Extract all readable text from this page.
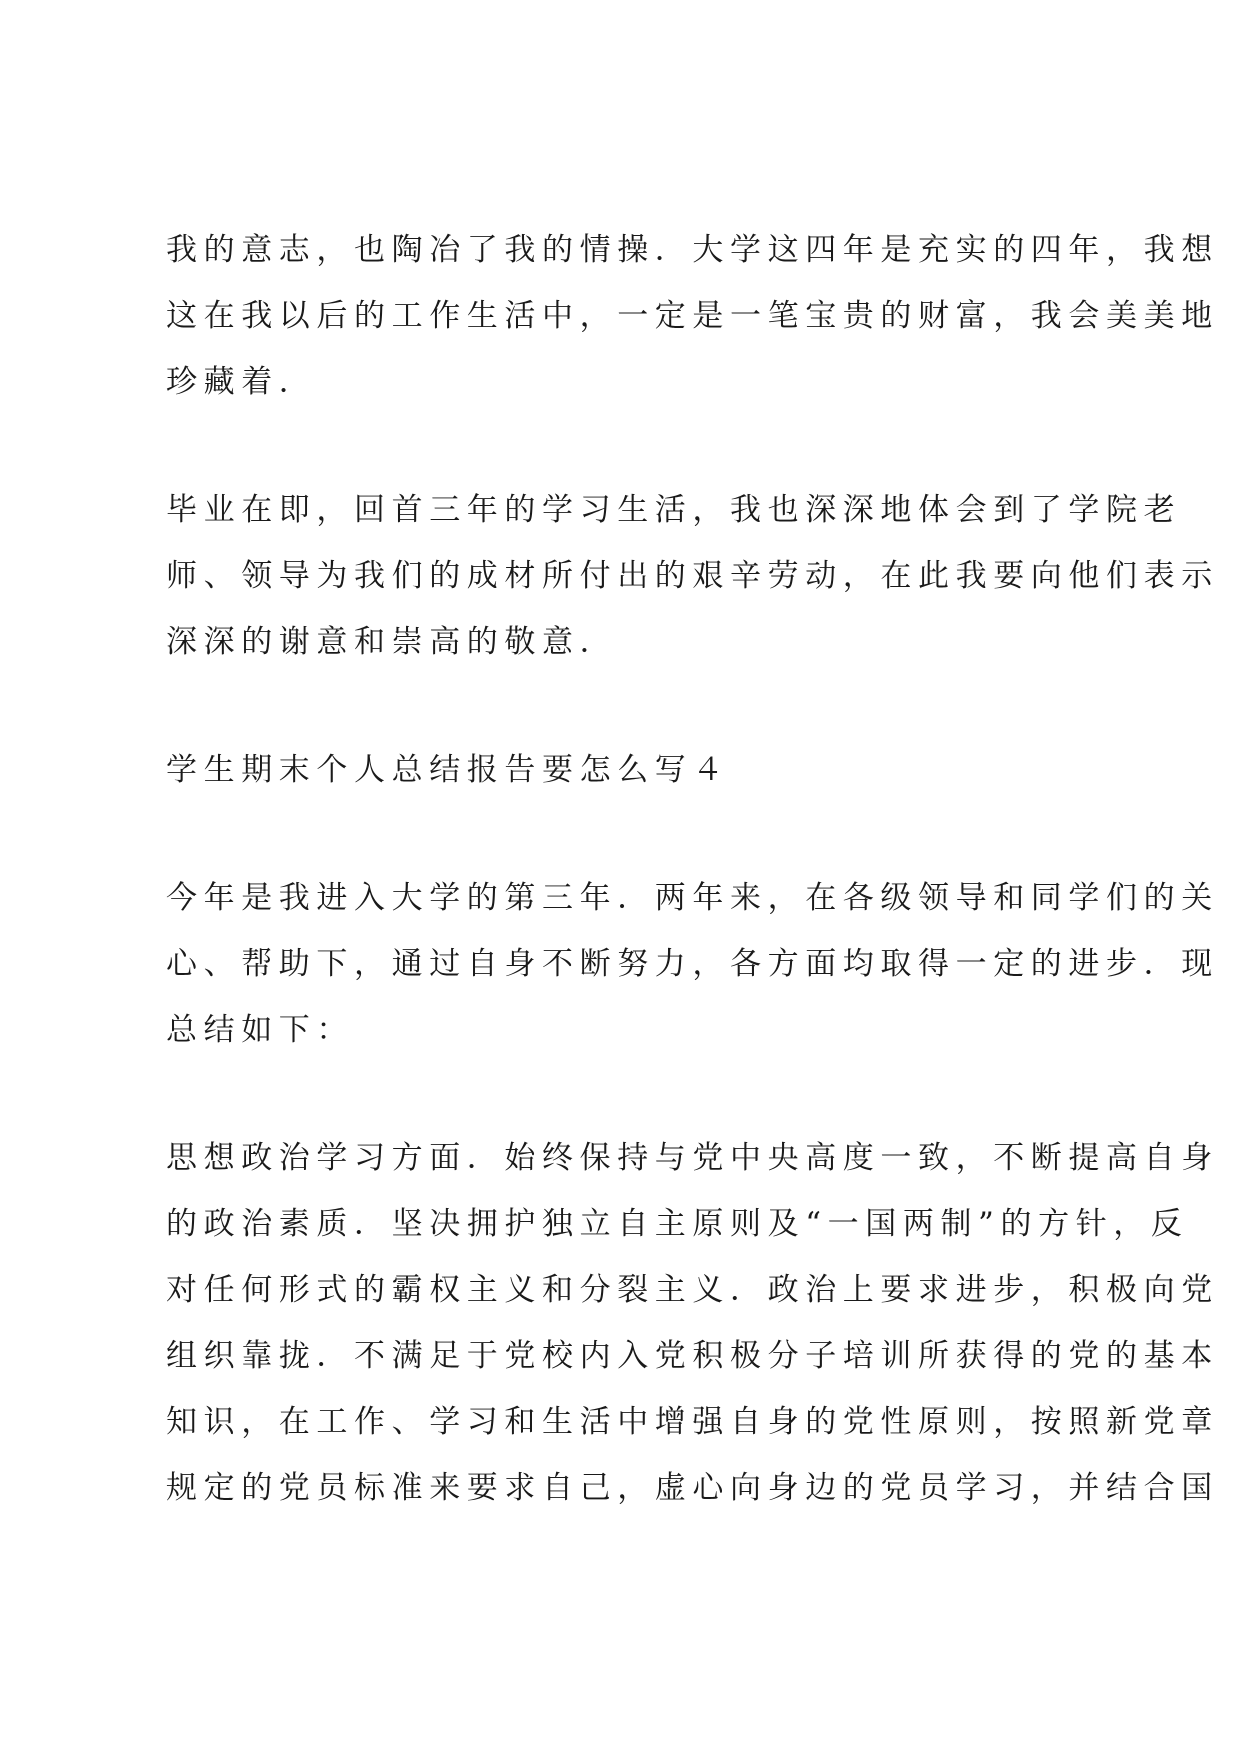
我的意志，也陶冶了我的情操．大学这四年是充实的四年，我想
这在我以后的工作生活中，一定是一笔宝贵的财富，我会美美地
珍藏着．
毕业在即，回首三年的学习生活，我也深深地体会到了学院老
师、领导为我们的成材所付出的艰辛劳动，在此我要向他们表示
深深的谢意和崇高的敬意．
学生期末个人总结报告要怎么写４
今年是我进入大学的第三年．两年来，在各级领导和同学们的关
心、帮助下，通过自身不断努力，各方面均取得一定的进步．现
总结如下：
思想政治学习方面．始终保持与党中央高度一致，不断提高自身
的政治素质．坚决拥护独立自主原则及“一国两制”的方针，反
对任何形式的霸权主义和分裂主义．政治上要求进步，积极向党
组织靠拢．不满足于党校内入党积极分子培训所获得的党的基本
知识，在工作、学习和生活中增强自身的党性原则，按照新党章
规定的党员标准来要求自己，虚心向身边的党员学习，并结合国
